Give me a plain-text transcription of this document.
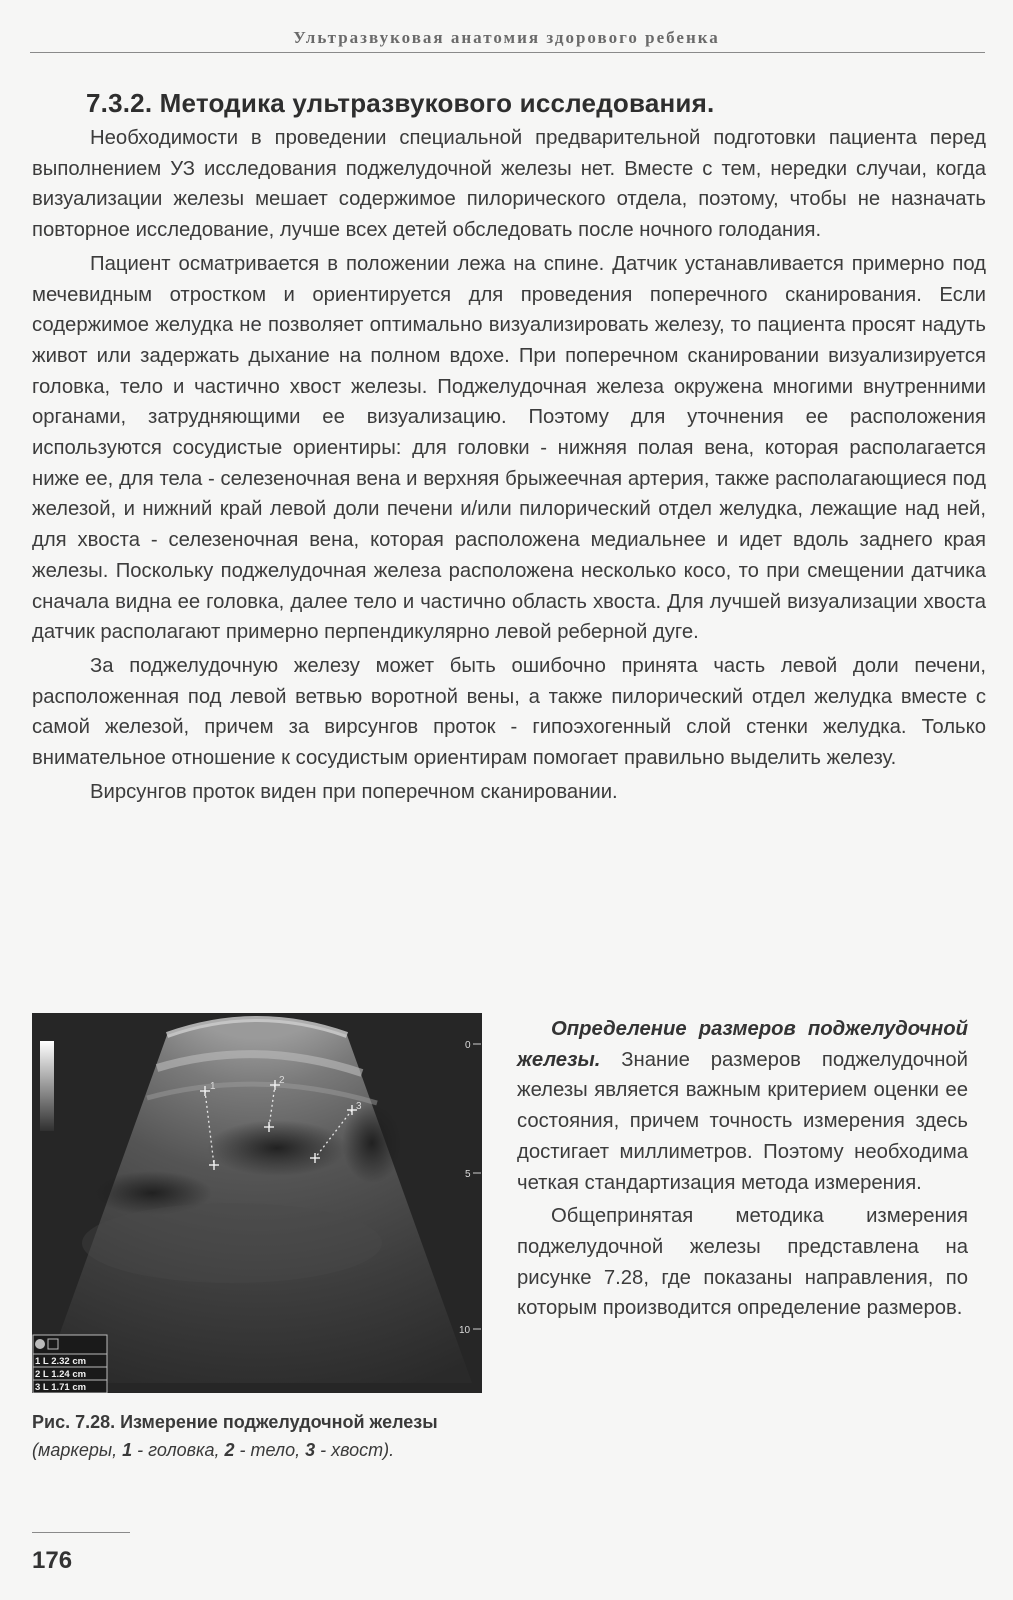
Ультразвуковая анатомия здорового ребенка
7.3.2. Методика ультразвукового исследования.

Необходимости в проведении специальной предварительной подготовки пациента перед выполнением УЗ исследования поджелудочной железы нет. Вместе с тем, нередки случаи, когда визуализации железы мешает содержимое пилорического отдела, поэтому, чтобы не назначать повторное исследование, лучше всех детей обследовать после ночного голодания.

Пациент осматривается в положении лежа на спине. Датчик устанавливается примерно под мечевидным отростком и ориентируется для проведения поперечного сканирования. Если содержимое желудка не позволяет оптимально визуализировать железу, то пациента просят надуть живот или задержать дыхание на полном вдохе. При поперечном сканировании визуализируется головка, тело и частично хвост железы. Поджелудочная железа окружена многими внутренними органами, затрудняющими ее визуализацию. Поэтому для уточнения ее расположения используются сосудистые ориентиры: для головки - нижняя полая вена, которая располагается ниже ее, для тела - селезеночная вена и верхняя брыжеечная артерия, также располагающиеся под железой, и нижний край левой доли печени и/или пилорический отдел желудка, лежащие над ней, для хвоста - селезеночная вена, которая расположена медиальнее и идет вдоль заднего края железы. Поскольку поджелудочная железа расположена несколько косо, то при смещении датчика сначала видна ее головка, далее тело и частично область хвоста. Для лучшей визуализации хвоста датчик располагают примерно перпендикулярно левой реберной дуге.

За поджелудочную железу может быть ошибочно принята часть левой доли печени, расположенная под левой ветвью воротной вены, а также пилорический отдел желудка вместе с самой железой, причем за вирсунгов проток - гипоэхогенный слой стенки желудка. Только внимательное отношение к сосудистым ориентирам помогает правильно выделить железу.

Вирсунгов проток виден при поперечном сканировании.

1
2
3
0
5
10
1 L 2.32 cm
2 L 1.24 cm
3 L 1.71 cm
Рис. 7.28. Измерение поджелудочной железы (маркеры, 1 - головка, 2 - тело, 3 - хвост).

Определение размеров поджелудочной железы. Знание размеров поджелудочной железы является важным критерием оценки ее состояния, причем точность измерения здесь достигает миллиметров. Поэтому необходима четкая стандартизация метода измерения.

Общепринятая методика измерения поджелудочной железы представлена на рисунке 7.28, где показаны направления, по которым производится определение размеров.

176
